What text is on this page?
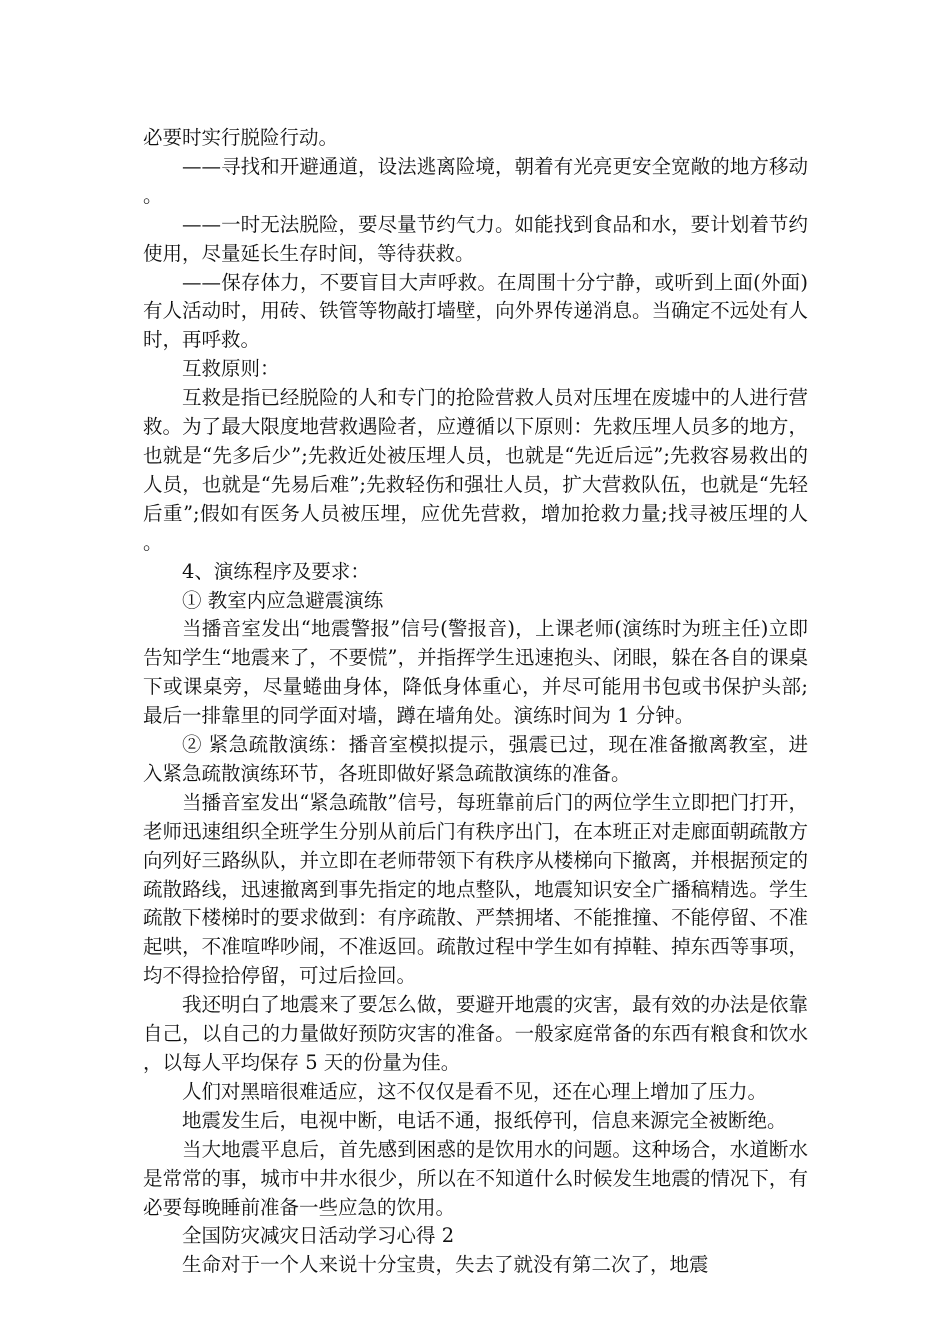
必要时实行脱险行动。

——寻找和开避通道，设法逃离险境，朝着有光亮更安全宽敞的地方移动。

——一时无法脱险，要尽量节约气力。如能找到食品和水，要计划着节约使用，尽量延长生存时间，等待获救。

——保存体力，不要盲目大声呼救。在周围十分宁静，或听到上面(外面)有人活动时，用砖、铁管等物敲打墙壁，向外界传递消息。当确定不远处有人时，再呼救。

互救原则：

互救是指已经脱险的人和专门的抢险营救人员对压埋在废墟中的人进行营救。为了最大限度地营救遇险者，应遵循以下原则：先救压埋人员多的地方，也就是“先多后少”;先救近处被压埋人员，也就是“先近后远”;先救容易救出的人员，也就是“先易后难”;先救轻伤和强壮人员，扩大营救队伍，也就是“先轻后重”;假如有医务人员被压埋，应优先营救，增加抢救力量;找寻被压埋的人。

4、演练程序及要求：

① 教室内应急避震演练

当播音室发出“地震警报”信号(警报音)，上课老师(演练时为班主任)立即告知学生“地震来了，不要慌”，并指挥学生迅速抱头、闭眼，躲在各自的课桌下或课桌旁，尽量蜷曲身体，降低身体重心，并尽可能用书包或书保护头部;最后一排靠里的同学面对墙，蹲在墙角处。演练时间为 1 分钟。

② 紧急疏散演练：播音室模拟提示，强震已过，现在准备撤离教室，进入紧急疏散演练环节，各班即做好紧急疏散演练的准备。

当播音室发出“紧急疏散”信号，每班靠前后门的两位学生立即把门打开，老师迅速组织全班学生分别从前后门有秩序出门，在本班正对走廊面朝疏散方向列好三路纵队，并立即在老师带领下有秩序从楼梯向下撤离，并根据预定的疏散路线，迅速撤离到事先指定的地点整队，地震知识安全广播稿精选。学生疏散下楼梯时的要求做到：有序疏散、严禁拥堵、不能推撞、不能停留、不准起哄，不准喧哗吵闹，不准返回。疏散过程中学生如有掉鞋、掉东西等事项，均不得捡拾停留，可过后捡回。

我还明白了地震来了要怎么做，要避开地震的灾害，最有效的办法是依靠自己，以自己的力量做好预防灾害的准备。一般家庭常备的东西有粮食和饮水，以每人平均保存 5 天的份量为佳。

人们对黑暗很难适应，这不仅仅是看不见，还在心理上增加了压力。

地震发生后，电视中断，电话不通，报纸停刊，信息来源完全被断绝。

当大地震平息后，首先感到困惑的是饮用水的问题。这种场合，水道断水是常常的事，城市中井水很少，所以在不知道什么时候发生地震的情况下，有必要每晚睡前准备一些应急的饮用。

全国防灾减灾日活动学习心得 2

生命对于一个人来说十分宝贵，失去了就没有第二次了，地震
